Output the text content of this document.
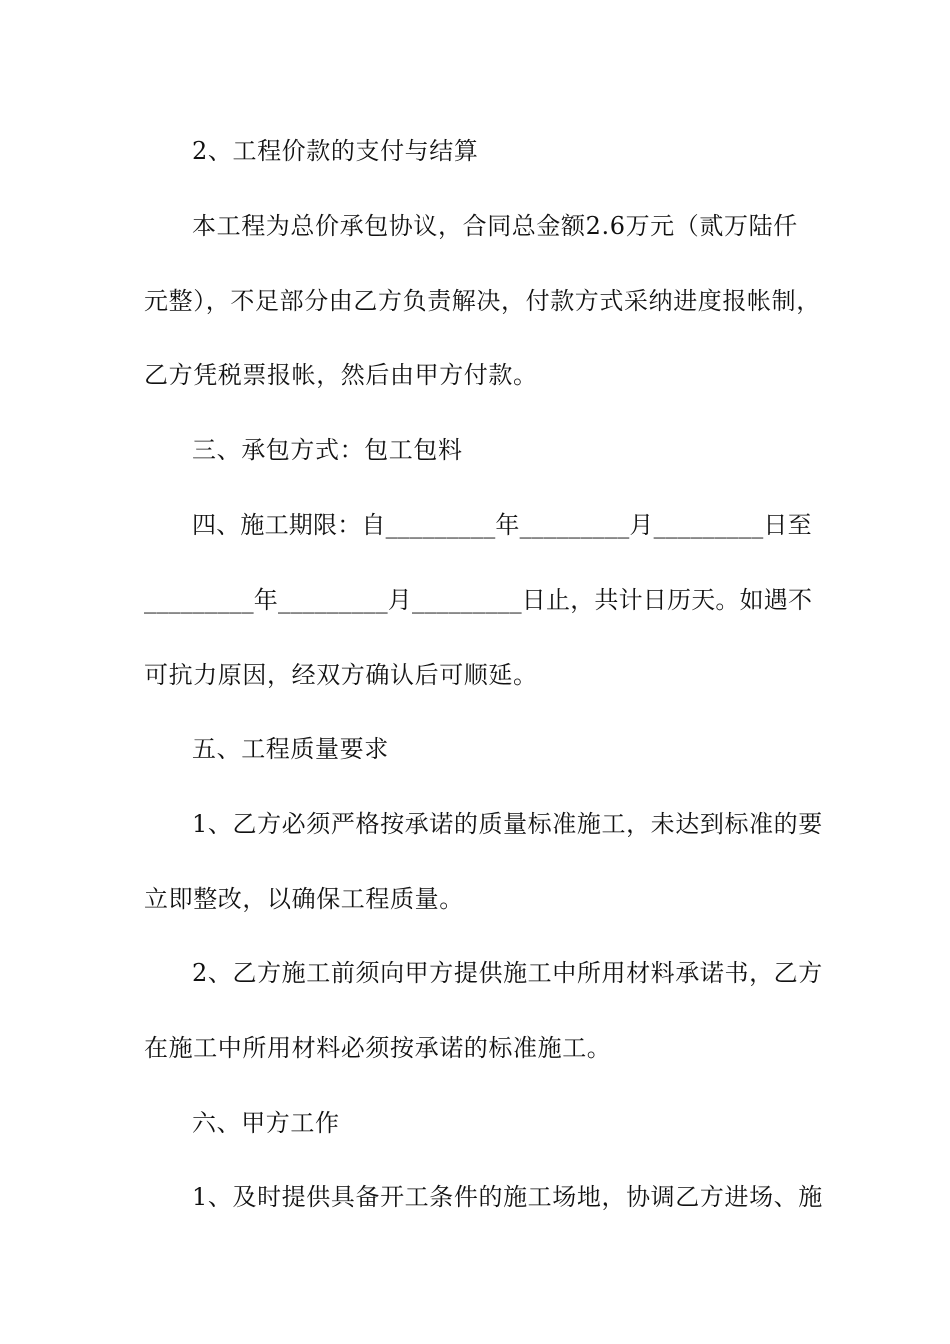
2、工程价款的支付与结算
本工程为总价承包协议，合同总金额2.6万元（贰万陆仟
元整），不足部分由乙方负责解决，付款方式采纳进度报帐制，
乙方凭税票报帐，然后由甲方付款。
三、承包方式：包工包料
四、施工期限：自_________年_________月_________日至
_________年_________月_________日止，共计日历天。如遇不
可抗力原因，经双方确认后可顺延。
五、工程质量要求
1、乙方必须严格按承诺的质量标准施工，未达到标准的要
立即整改，以确保工程质量。
2、乙方施工前须向甲方提供施工中所用材料承诺书，乙方
在施工中所用材料必须按承诺的标准施工。
六、甲方工作
1、及时提供具备开工条件的施工场地，协调乙方进场、施
